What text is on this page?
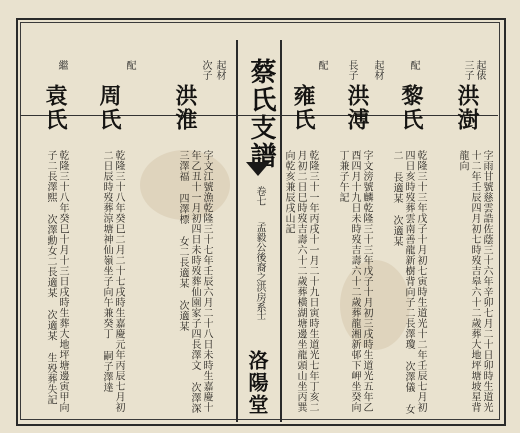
蔡氏支譜
卷七
孟毅公後裔之洪房系
士
洛陽堂
起俵
三子
洪澍
字雨甘號慈雲誥佐蔭三十六年辛卯七月二十日卯時生道光十二年壬辰四月初七時歿吉皋六十二歲葬大地坪塘坡星背龍向
配
黎氏
乾隆三十三年戊子十月初七寅時生道光十二年壬辰七月初四日亥時歿葬雲南善龍新樹背向子二長澤瓊 次澤儀 女二 長適某 次適某
起材
長子
洪溥
字文滂號麟乾隆三十三年戊子十月初三戌時生道光五年乙酉四月十九日未時歿吉壽六十二歲葬龍湘新邨下岬坐癸向丁兼子午記
配
雍氏
乾隆三十一年丙戌十一月二十九日寅時生道光七年丁亥二月初二日巳時歿吉壽六十二歲葬橫湖塘邊坐龍頭山坐丙巽向乾亥兼辰戌山記
起材
次子
洪淮
字文江號漁乾隆三十七年壬辰六月二十八日未時生嘉慶十年乙丑十一月初四日未時歿葬仙園家子四長澤文 次澤深 三澤福 四澤標 女二長適某 次適某
配
周氏
乾隆三十八年癸巳二月二十七戌時生嘉慶元年丙辰七月初二日辰時歿葬涼塘神仙嶺坐子向午兼癸丁 嗣子澤達
繼
袁氏
乾隆三十八年癸巳十月十三日戌時生葬大地坪塘邊寅甲向子二長澤熙 次澤勳女二長適某 次適某 生殁葬失記
